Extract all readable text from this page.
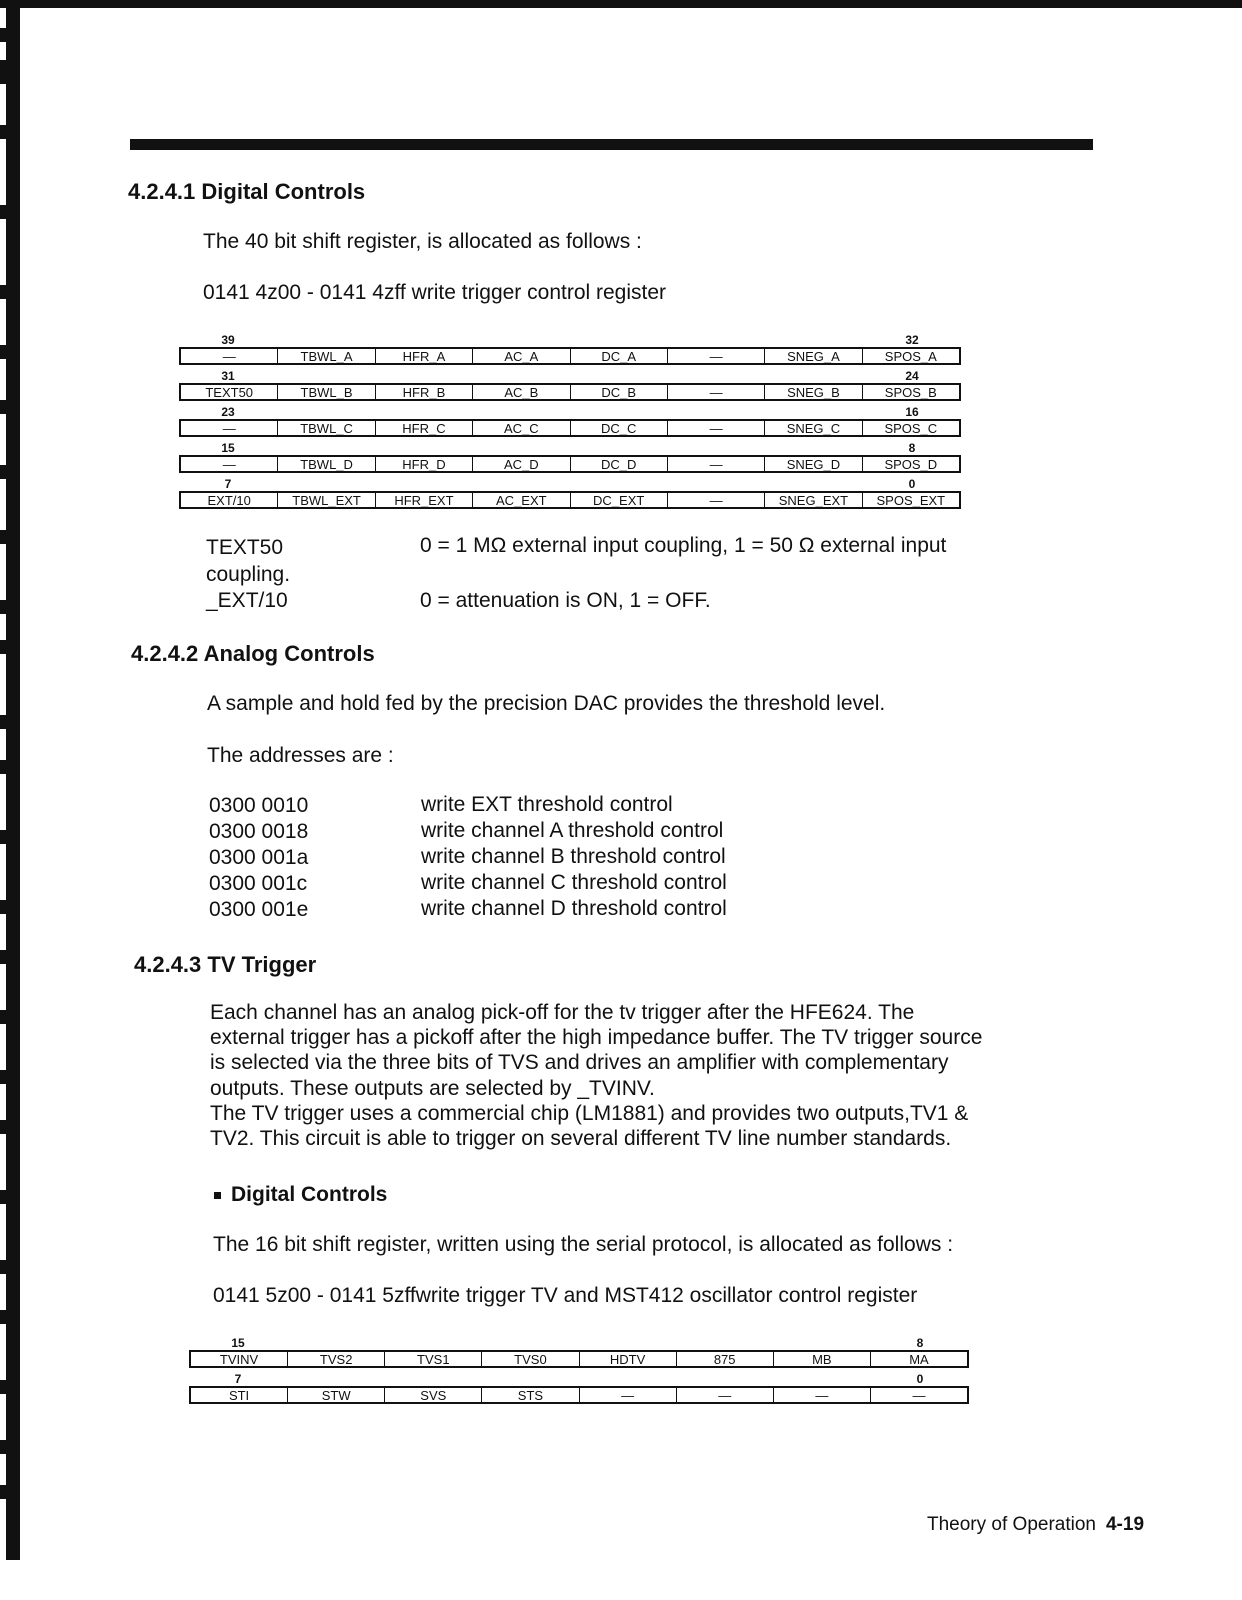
4.2.4.1 Digital Controls
The 40 bit shift register, is allocated as follows :
0141 4z00 - 0141 4zff write trigger control register
39	32
—	TBWL_A	HFR_A	AC_A	DC_A	—	SNEG_A	SPOS_A
31	24
TEXT50	TBWL_B	HFR_B	AC_B	DC_B	—	SNEG_B	SPOS_B
23	16
—	TBWL_C	HFR_C	AC_C	DC_C	—	SNEG_C	SPOS_C
15	8
—	TBWL_D	HFR_D	AC_D	DC_D	—	SNEG_D	SPOS_D
7	0
EXT/10	TBWL_EXT	HFR_EXT	AC_EXT	DC_EXT	—	SNEG_EXT	SPOS_EXT
TEXT50	0 = 1 MΩ external input coupling, 1 = 50 Ω external input
coupling.
_EXT/10	0 = attenuation is ON, 1 = OFF.
4.2.4.2 Analog Controls
A sample and hold fed by the precision DAC provides the threshold level.
The addresses are :
0300 0010	write EXT threshold control
0300 0018	write channel A threshold control
0300 001a	write channel B threshold control
0300 001c	write channel C threshold control
0300 001e	write channel D threshold control
4.2.4.3 TV Trigger
Each channel has an analog pick-off for the tv trigger after the HFE624. The
external trigger has a pickoff after the high impedance buffer. The TV trigger source
is selected via the three bits of TVS and drives an amplifier with complementary
outputs. These outputs are selected by _TVINV.
The TV trigger uses a commercial chip (LM1881) and provides two outputs,TV1 &
TV2. This circuit is able to trigger on several different TV line number standards.
Digital Controls
The 16 bit shift register, written using the serial protocol, is allocated as follows :
0141 5z00 - 0141 5zffwrite trigger TV and MST412 oscillator control register
15	8
TVINV	TVS2	TVS1	TVS0	HDTV	875	MB	MA
7	0
STI	STW	SVS	STS	—	—	—	—
Theory of Operation 4-19
